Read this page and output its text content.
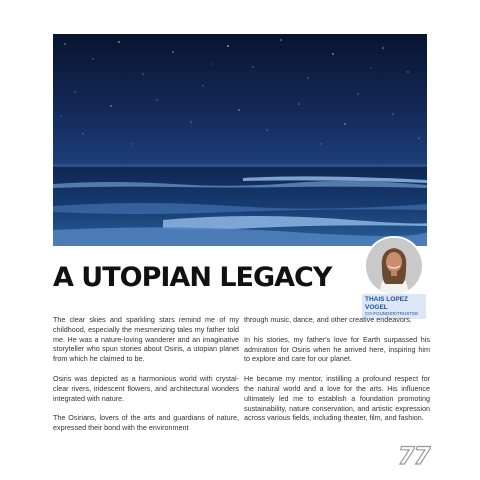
A UTOPIAN LEGACY
THAIS LOPEZ
VOGEL
CO-FOUNDER/TRUSTEE

The clear skies and sparkling stars remind me of my childhood, especially the mesmerizing tales my father told me. He was a nature-loving wanderer and an imaginative storyteller who spun stories about Osiris, a utopian planet from which he claimed to be.

Osiris was depicted as a harmonious world with crystal-clear rivers, iridescent flowers, and architectural wonders integrated with nature.

The Osirians, lovers of the arts and guardians of nature, expressed their bond with the environment

through music, dance, and other creative endeavors.

In his stories, my father's love for Earth surpassed his admiration for Osiris when he arrived here, inspiring him to explore and care for our planet.

He became my mentor, instilling a profound respect for the natural world and a love for the arts. His influence ultimately led me to establish a foundation promoting sustainability, nature conservation, and artistic expression across various fields, including theater, film, and fashion.

77
